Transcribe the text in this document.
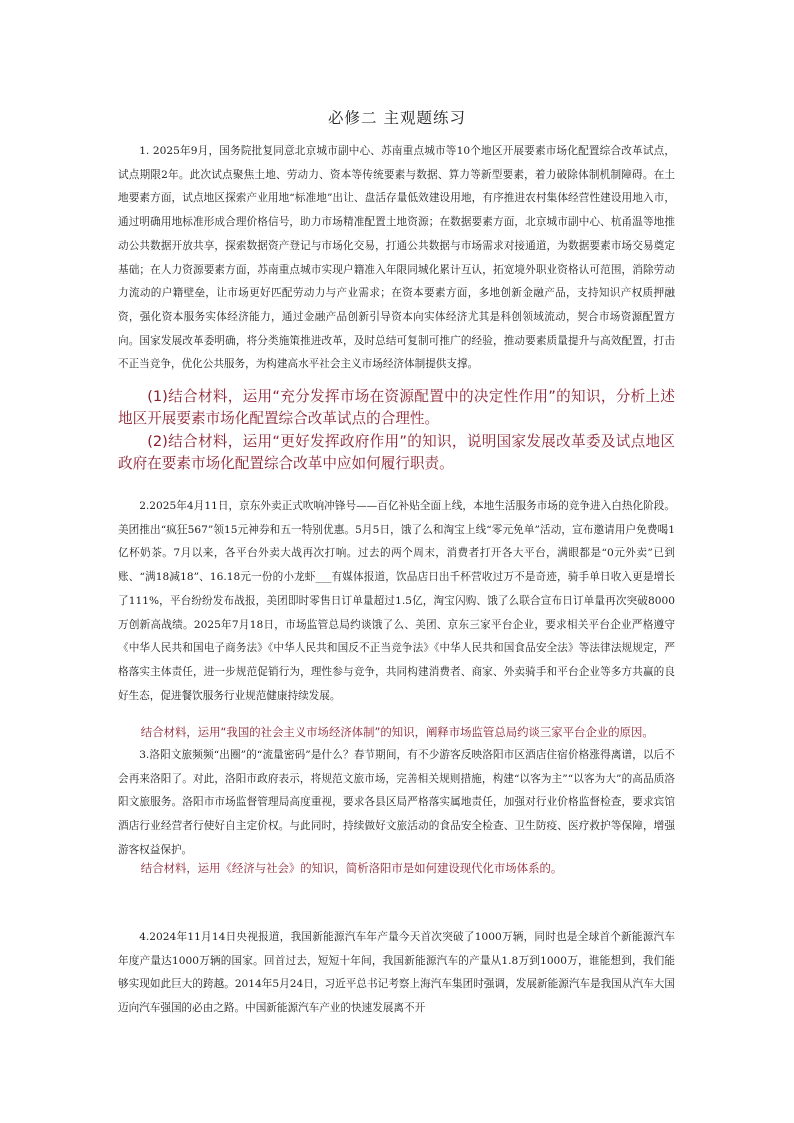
必修二 主观题练习
1. 2025年9月，国务院批复同意北京城市副中心、苏南重点城市等10个地区开展要素市场化配置综合改革试点，试点期限2年。此次试点聚焦土地、劳动力、资本等传统要素与数据、算力等新型要素，着力破除体制机制障碍。在土地要素方面，试点地区探索产业用地“标准地”出让、盘活存量低效建设用地，有序推进农村集体经营性建设用地入市，通过明确用地标准形成合理价格信号，助力市场精准配置土地资源；在数据要素方面，北京城市副中心、杭甬温等地推动公共数据开放共享，探索数据资产登记与市场化交易，打通公共数据与市场需求对接通道，为数据要素市场交易奠定基础；在人力资源要素方面，苏南重点城市实现户籍准入年限同城化累计互认，拓宽境外职业资格认可范围，消除劳动力流动的户籍壁垒，让市场更好匹配劳动力与产业需求；在资本要素方面，多地创新金融产品，支持知识产权质押融资，强化资本服务实体经济能力，通过金融产品创新引导资本向实体经济尤其是科创领域流动，契合市场资源配置方向。国家发展改革委明确，将分类施策推进改革，及时总结可复制可推广的经验，推动要素质量提升与高效配置，打击不正当竞争，优化公共服务，为构建高水平社会主义市场经济体制提供支撑。
(1)结合材料，运用“充分发挥市场在资源配置中的决定性作用”的知识，分析上述地区开展要素市场化配置综合改革试点的合理性。
(2)结合材料，运用“更好发挥政府作用”的知识，说明国家发展改革委及试点地区政府在要素市场化配置综合改革中应如何履行职责。
2.2025年4月11日，京东外卖正式吹响冲锋号——百亿补贴全面上线，本地生活服务市场的竞争进入白热化阶段。美团推出“疯狂567”领15元神券和五一特别优惠。5月5日，饿了么和淘宝上线“零元免单”活动，宣布邀请用户免费喝1亿杯奶茶。7月以来，各平台外卖大战再次打响。过去的两个周末，消费者打开各大平台，满眼都是“0元外卖”已到账、“满18减18”、16.18元一份的小龙虾___有媒体报道，饮品店日出千杯营收过万不是奇迹，骑手单日收入更是增长了111%，平台纷纷发布战报，美团即时零售日订单量超过1.5亿，淘宝闪购、饿了么联合宣布日订单量再次突破8000万创新高战绩。2025年7月18日，市场监管总局约谈饿了么、美团、京东三家平台企业，要求相关平台企业严格遵守《中华人民共和国电子商务法》《中华人民共和国反不正当竞争法》《中华人民共和国食品安全法》等法律法规规定，严格落实主体责任，进一步规范促销行为，理性参与竞争，共同构建消费者、商家、外卖骑手和平台企业等多方共赢的良好生态，促进餐饮服务行业规范健康持续发展。
结合材料，运用“我国的社会主义市场经济体制”的知识，阐释市场监管总局约谈三家平台企业的原因。
3.洛阳文旅频频“出圈”的“流量密码”是什么？春节期间，有不少游客反映洛阳市区酒店住宿价格涨得离谱，以后不会再来洛阳了。对此，洛阳市政府表示，将规范文旅市场，完善相关规则措施，构建“以客为主”“以客为大”的高品质洛阳文旅服务。洛阳市市场监督管理局高度重视，要求各县区局严格落实属地责任，加强对行业价格监督检查，要求宾馆酒店行业经营者行使好自主定价权。与此同时，持续做好文旅活动的食品安全检查、卫生防疫、医疗救护等保障，增强游客权益保护。
结合材料，运用《经济与社会》的知识，简析洛阳市是如何建设现代化市场体系的。
4.2024年11月14日央视报道，我国新能源汽车年产量今天首次突破了1000万辆，同时也是全球首个新能源汽车年度产量达1000万辆的国家。回首过去，短短十年间，我国新能源汽车的产量从1.8万到1000万，谁能想到，我们能够实现如此巨大的跨越。2014年5月24日，习近平总书记考察上海汽车集团时强调，发展新能源汽车是我国从汽车大国迈向汽车强国的必由之路。中国新能源汽车产业的快速发展离不开
